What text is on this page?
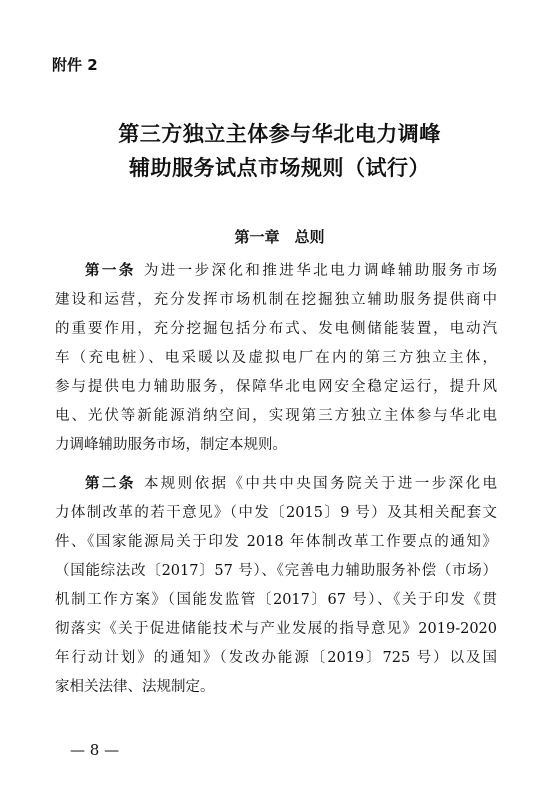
附件 2
第三方独立主体参与华北电力调峰
辅助服务试点市场规则（试行）
第一章　总则
第一条 为进一步深化和推进华北电力调峰辅助服务市场
建设和运营，充分发挥市场机制在挖掘独立辅助服务提供商中
的重要作用，充分挖掘包括分布式、发电侧储能装置，电动汽
车（充电桩）、电采暖以及虚拟电厂在内的第三方独立主体，
参与提供电力辅助服务，保障华北电网安全稳定运行，提升风
电、光伏等新能源消纳空间，实现第三方独立主体参与华北电
力调峰辅助服务市场，制定本规则。
第二条 本规则依据《中共中央国务院关于进一步深化电
力体制改革的若干意见》（中发〔2015〕9 号）及其相关配套文
件、《国家能源局关于印发 2018 年体制改革工作要点的通知》
（国能综法改〔2017〕57 号）、《完善电力辅助服务补偿（市场）
机制工作方案》（国能发监管〔2017〕67 号）、《关于印发《贯
彻落实《关于促进储能技术与产业发展的指导意见》2019-2020
年行动计划》的通知》（发改办能源〔2019〕725 号）以及国
家相关法律、法规制定。
— 8 —
